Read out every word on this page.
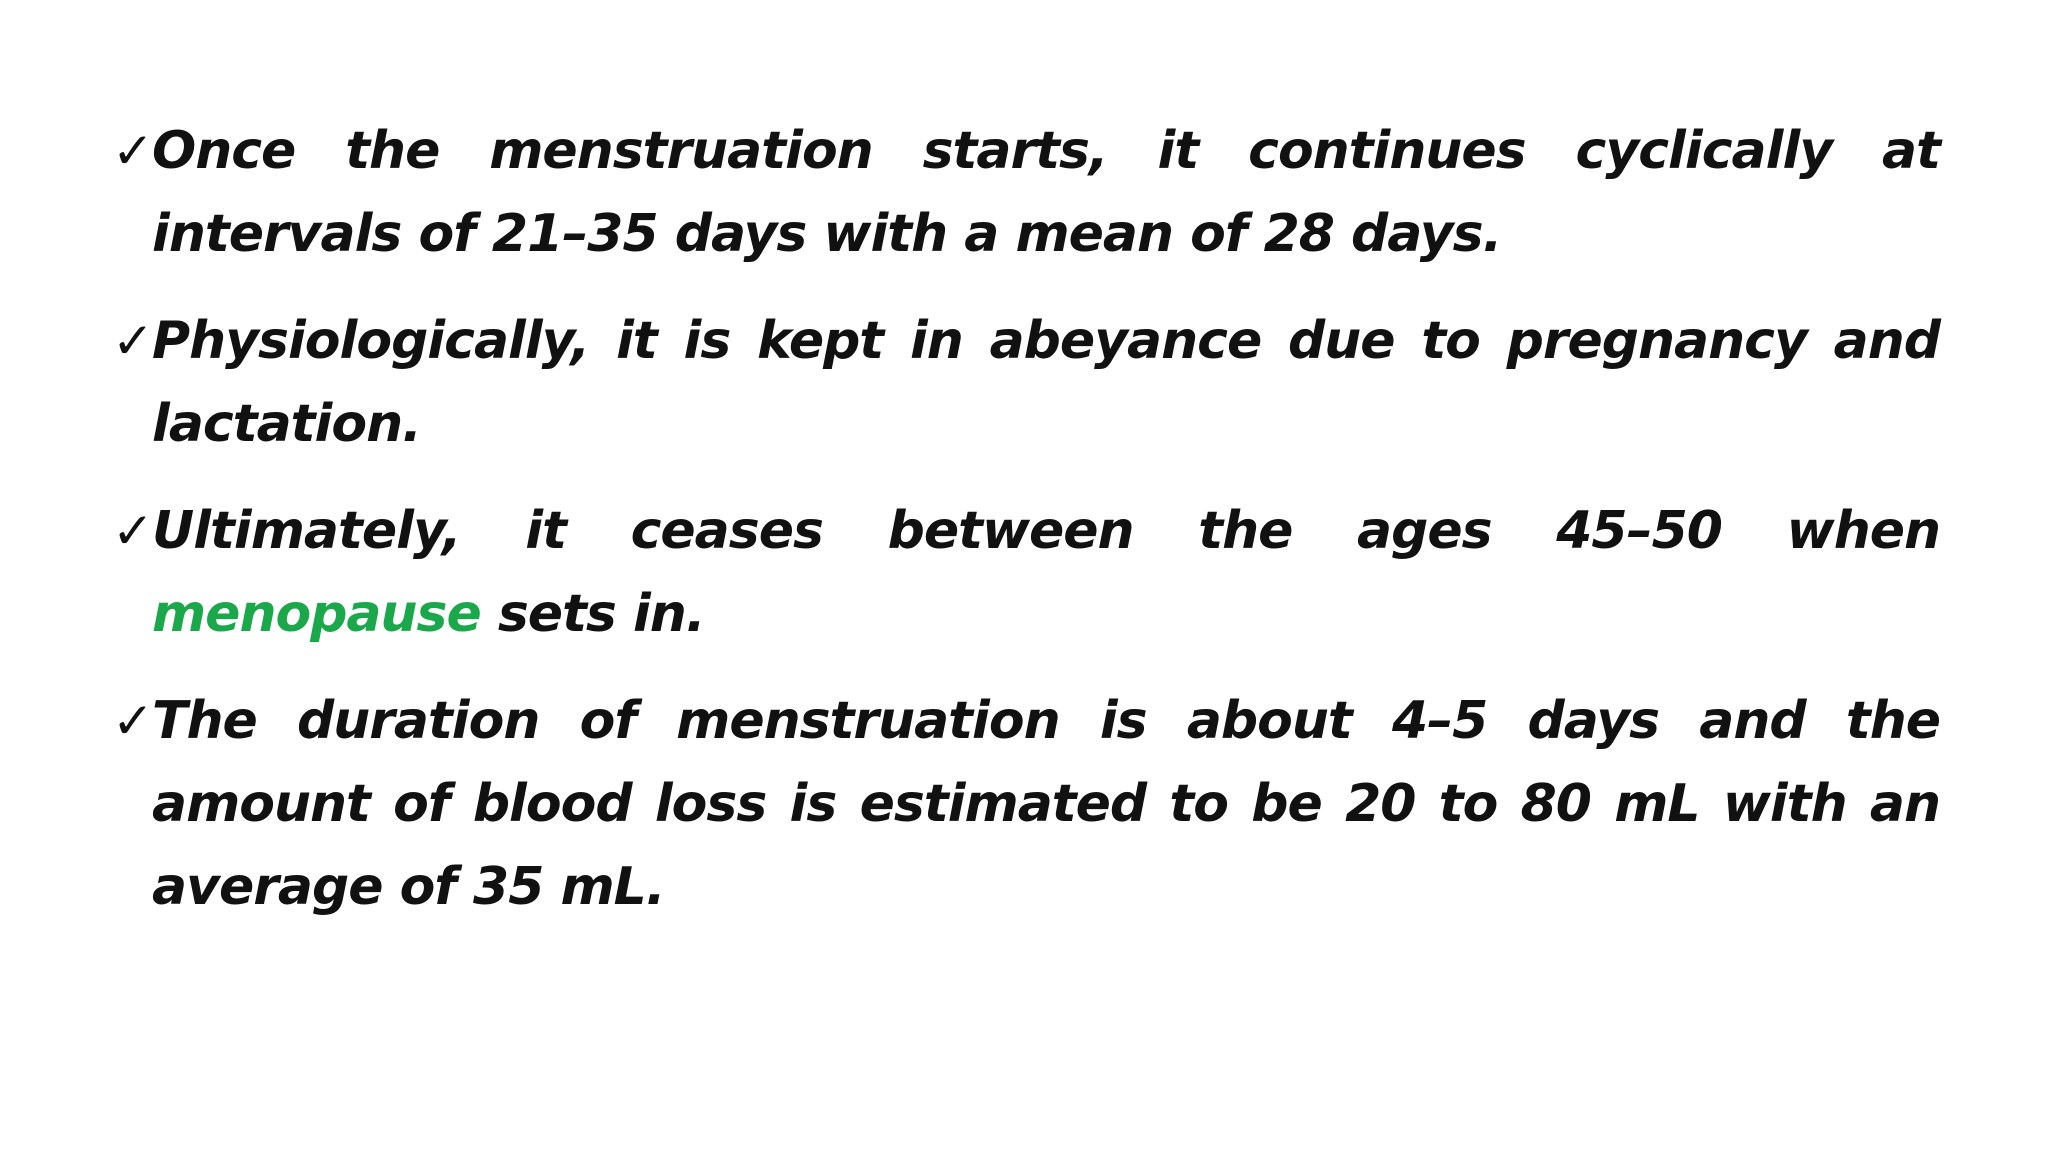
✓ Once the menstruation starts, it continues cyclically at intervals of 21–35 days with a mean of 28 days.
✓ Physiologically, it is kept in abeyance due to pregnancy and lactation.
✓ Ultimately, it ceases between the ages 45–50 when menopause sets in.
✓ The duration of menstruation is about 4–5 days and the amount of blood loss is estimated to be 20 to 80 mL with an average of 35 mL.
